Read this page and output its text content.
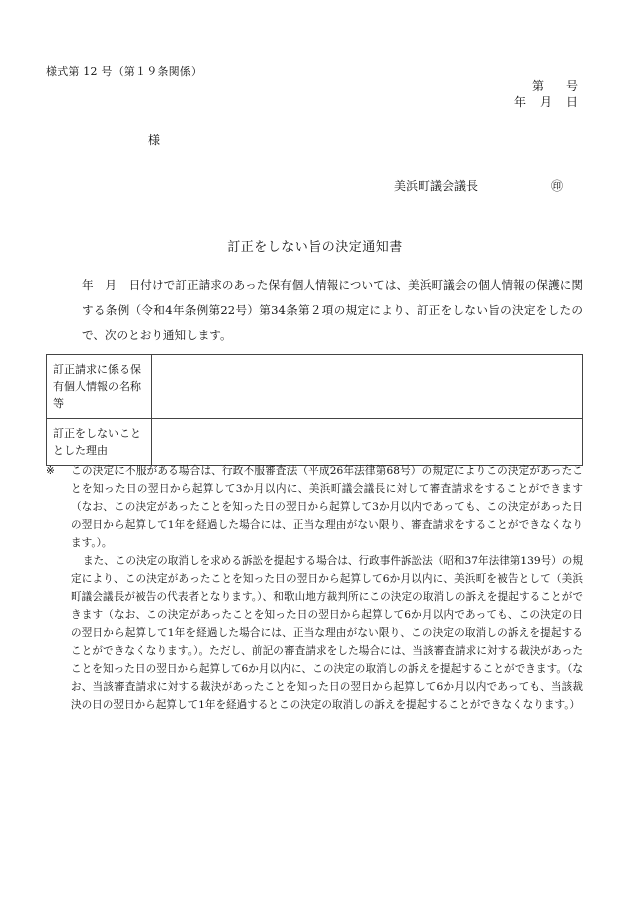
様式第 12 号（第１９条関係）
第 号
年 月 日
様
美浜町議会議長	㊞
訂正をしない旨の決定通知書
年　月　日付けで訂正請求のあった保有個人情報については、美浜町議会の個人情報の保護に関する条例（令和4年条例第22号）第34条第２項の規定により、訂正をしない旨の決定をしたので、次のとおり通知します。
訂正請求に係る保有個人情報の名称等	
訂正をしないこととした理由	
※ この決定に不服がある場合は、行政不服審査法（平成26年法律第68号）の規定によりこの決定があったことを知った日の翌日から起算して3か月以内に、美浜町議会議長に対して審査請求をすることができます（なお、この決定があったことを知った日の翌日から起算して3か月以内であっても、この決定があった日の翌日から起算して1年を経過した場合には、正当な理由がない限り、審査請求をすることができなくなります。）。
また、この決定の取消しを求める訴訟を提起する場合は、行政事件訴訟法（昭和37年法律第139号）の規定により、この決定があったことを知った日の翌日から起算して6か月以内に、美浜町を被告として（美浜町議会議長が被告の代表者となります。）、和歌山地方裁判所にこの決定の取消しの訴えを提起することができます（なお、この決定があったことを知った日の翌日から起算して6か月以内であっても、この決定の日の翌日から起算して1年を経過した場合には、正当な理由がない限り、この決定の取消しの訴えを提起することができなくなります。）。ただし、前記の審査請求をした場合には、当該審査請求に対する裁決があったことを知った日の翌日から起算して6か月以内に、この決定の取消しの訴えを提起することができます。（なお、当該審査請求に対する裁決があったことを知った日の翌日から起算して6か月以内であっても、当該裁決の日の翌日から起算して1年を経過するとこの決定の取消しの訴えを提起することができなくなります。）
